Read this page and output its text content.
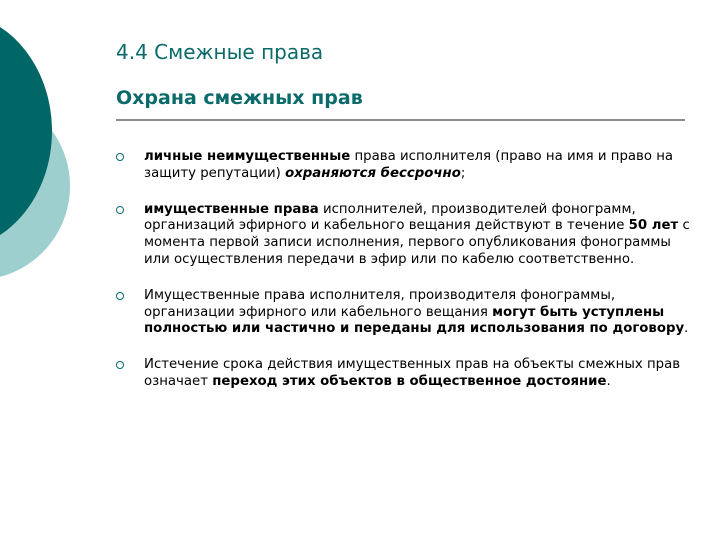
4.4 Смежные права
Охрана смежных прав
личные неимущественные права исполнителя (право на имя и право на защиту репутации) охраняются бессрочно;
имущественные права исполнителей, производителей фонограмм, организаций эфирного и кабельного вещания действуют в течение 50 лет с момента первой записи исполнения, первого опубликования фонограммы или осуществления передачи в эфир или по кабелю соответственно.
Имущественные права исполнителя, производителя фонограммы, организации эфирного или кабельного вещания могут быть уступлены полностью или частично и переданы для использования по договору.
Истечение срока действия имущественных прав на объекты смежных прав означает переход этих объектов в общественное достояние.
